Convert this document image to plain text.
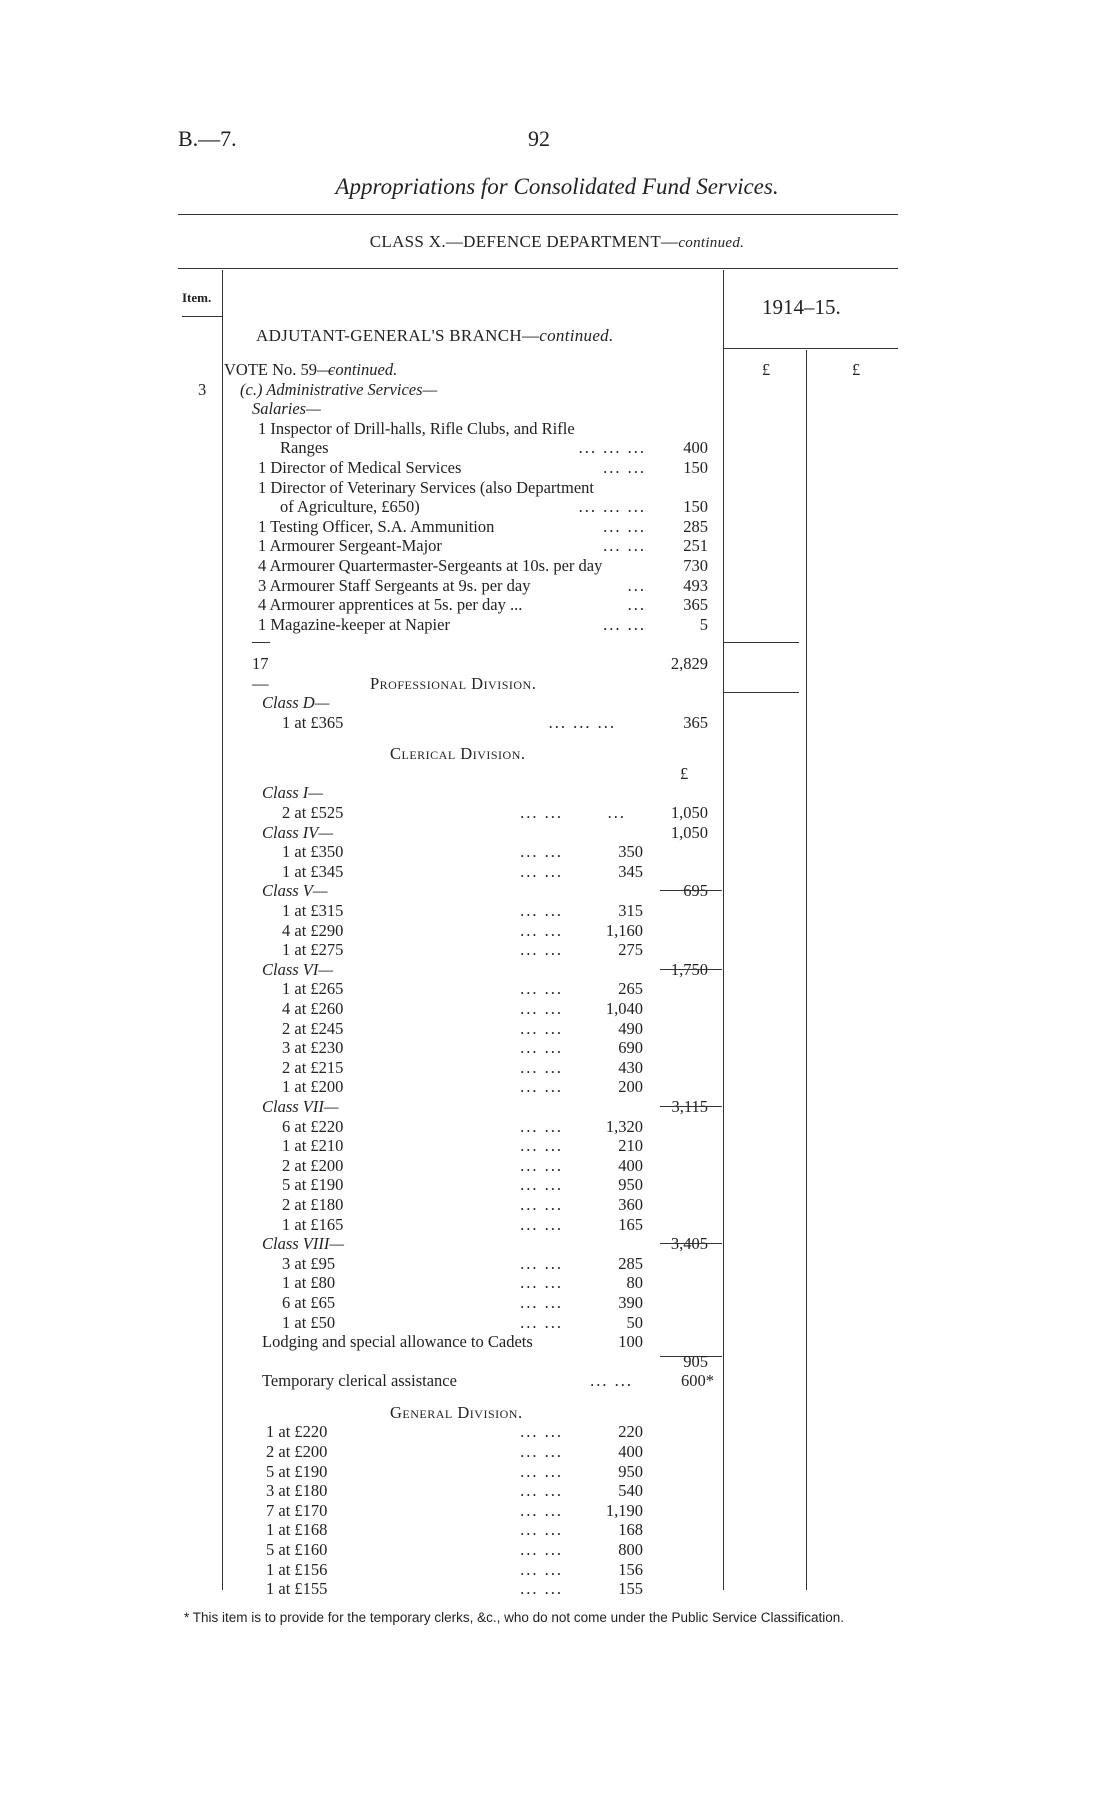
B.—7.	92
Appropriations for Consolidated Fund Services.
CLASS X.—DEFENCE DEPARTMENT—continued.
Item.	1914–15.
ADJUTANT-GENERAL'S BRANCH—continued.
VOTE No. 59—
continued.	£	£
3 (c.) Administrative Services—
Salaries—
1 Inspector of Drill-halls, Rifle Clubs, and Rifle
Ranges	... ... ... 400
1 Director of Medical Services	... ... 150
1 Director of Veterinary Services (also Department
of Agriculture, £650)	... ... ... 150
1 Testing Officer, S.A. Ammunition	... ... 285
1 Armourer Sergeant-Major	... ... 251
4 Armourer Quartermaster-Sergeants at 10s. per day	730
3 Armourer Staff Sergeants at 9s. per day	... 493
4 Armourer apprentices at 5s. per day ...	... 365
1 Magazine-keeper at Napier	... ...	5
17	2,829
—	Professional Division.
Class D—
1 at £365	... ... ...	365
Clerical Division.
£
Class I—
2 at £525	... ...	...	1,050
Class IV—	1,050
1 at £350	... ...	350
1 at £345	... ...	345
Class V—	695
1 at £315	... ...	315
4 at £290	... ...	1,160
1 at £275	... ...	275
Class VI—	1,750
1 at £265	... ...	265
4 at £260	... ...	1,040
2 at £245	... ...	490
3 at £230	... ...	690
2 at £215	... ...	430
1 at £200	... ...	200
Class VII—	3,115
6 at £220	... ...	1,320
1 at £210	... ...	210
2 at £200	... ...	400
5 at £190	... ...	950
2 at £180	... ...	360
1 at £165	... ...	165
Class VIII—	3,405
3 at £95	... ...	285
1 at £80	... ...	80
6 at £65	... ...	390
1 at £50	... ...	50
Lodging and special allowance to Cadets	100
905
Temporary clerical assistance	... ...	600*
General Division.
1 at £220	... ...	220
2 at £200	... ...	400
5 at £190	... ...	950
3 at £180	... ...	540
7 at £170	... ...	1,190
1 at £168	... ...	168
5 at £160	... ...	800
1 at £156	... ...	156
1 at £155	... ...	155
* This item is to provide for the temporary clerks, &c., who do not come under the Public Service Classification.
